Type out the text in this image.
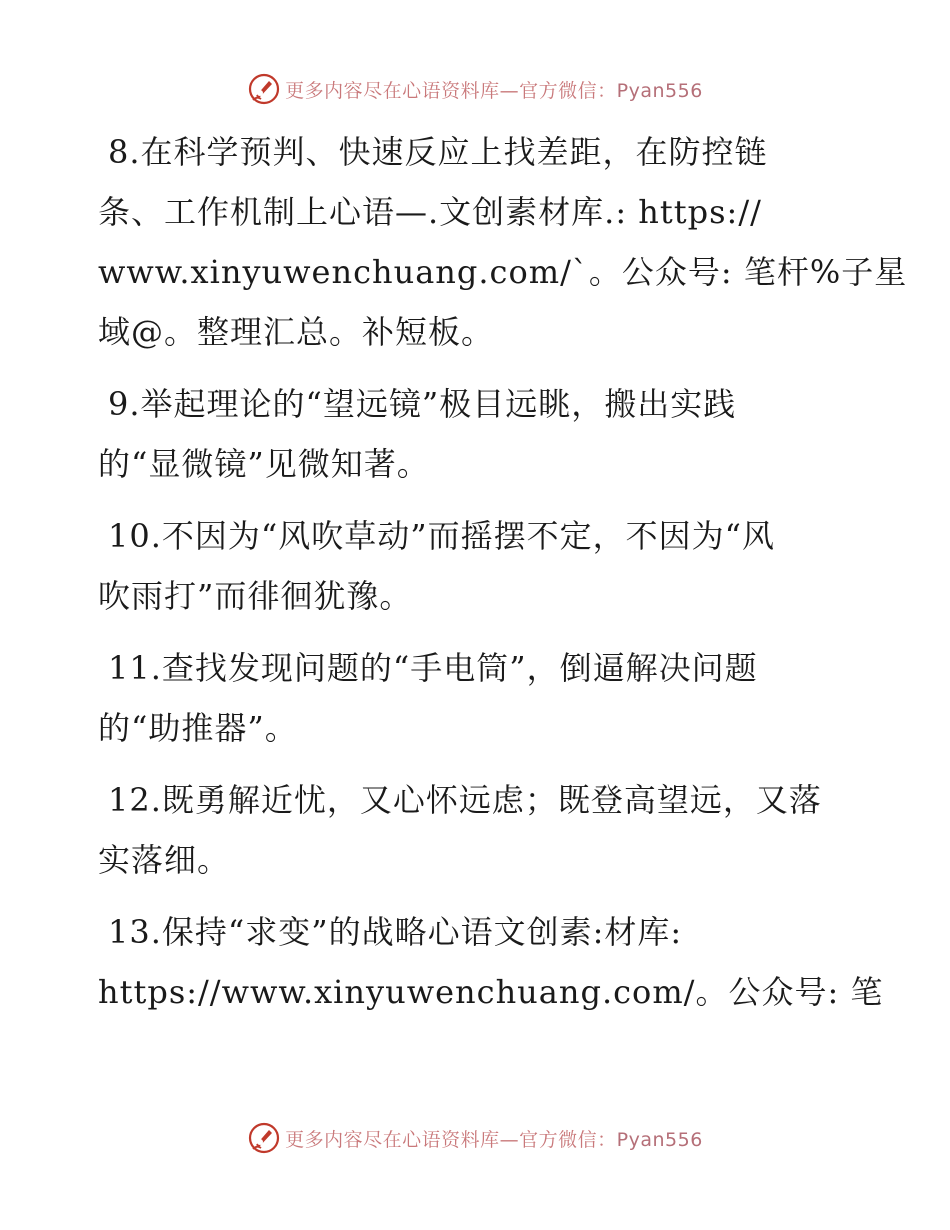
更多内容尽在心语资料库—官方微信：Pyan556
8.在科学预判、快速反应上找差距，在防控链
条、工作机制上心语—.文创素材库.: https://
www.xinyuwenchuang.com/`。公众号: 笔杆%子星
域@。整理汇总。补短板。
9.举起理论的“望远镜”极目远眺，搬出实践
的“显微镜”见微知著。
10.不因为“风吹草动”而摇摆不定，不因为“风
吹雨打”而徘徊犹豫。
11.查找发现问题的“手电筒”，倒逼解决问题
的“助推器”。
12.既勇解近忧，又心怀远虑；既登高望远，又落
实落细。
13.保持“求变”的战略心语文创素:材库:
https://www.xinyuwenchuang.com/。公众号: 笔
更多内容尽在心语资料库—官方微信：Pyan556
